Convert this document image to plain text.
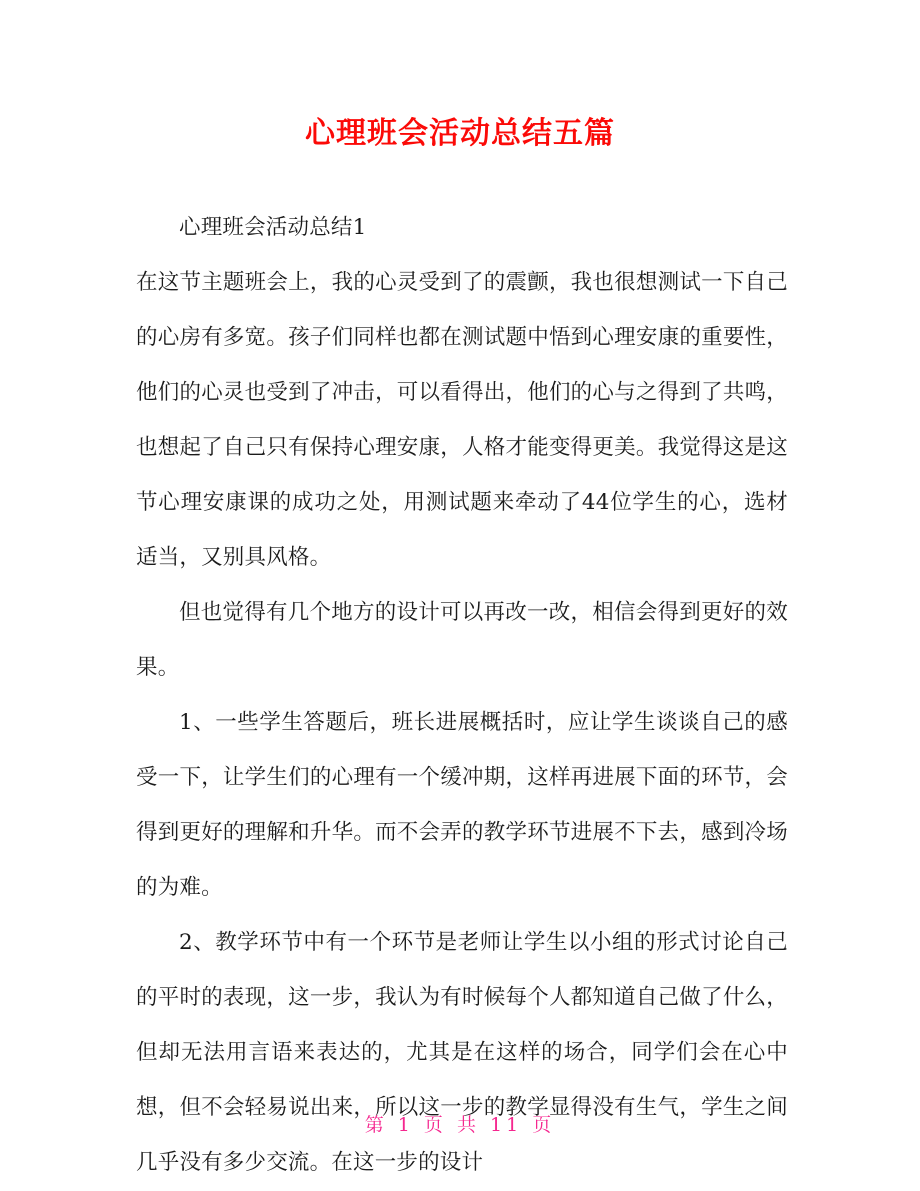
心理班会活动总结五篇

心理班会活动总结1

在这节主题班会上，我的心灵受到了的震颤，我也很想测试一下自己的心房有多宽。孩子们同样也都在测试题中悟到心理安康的重要性，他们的心灵也受到了冲击，可以看得出，他们的心与之得到了共鸣，也想起了自己只有保持心理安康，人格才能变得更美。我觉得这是这节心理安康课的成功之处，用测试题来牵动了44位学生的心，选材适当，又别具风格。

但也觉得有几个地方的设计可以再改一改，相信会得到更好的效果。

1、一些学生答题后，班长进展概括时，应让学生谈谈自己的感受一下，让学生们的心理有一个缓冲期，这样再进展下面的环节，会得到更好的理解和升华。而不会弄的教学环节进展不下去，感到冷场的为难。

2、教学环节中有一个环节是老师让学生以小组的形式讨论自己的平时的表现，这一步，我认为有时候每个人都知道自己做了什么，但却无法用言语来表达的，尤其是在这样的场合，同学们会在心中想，但不会轻易说出来，所以这一步的教学显得没有生气，学生之间几乎没有多少交流。在这一步的设计

第 1 页 共 11 页
